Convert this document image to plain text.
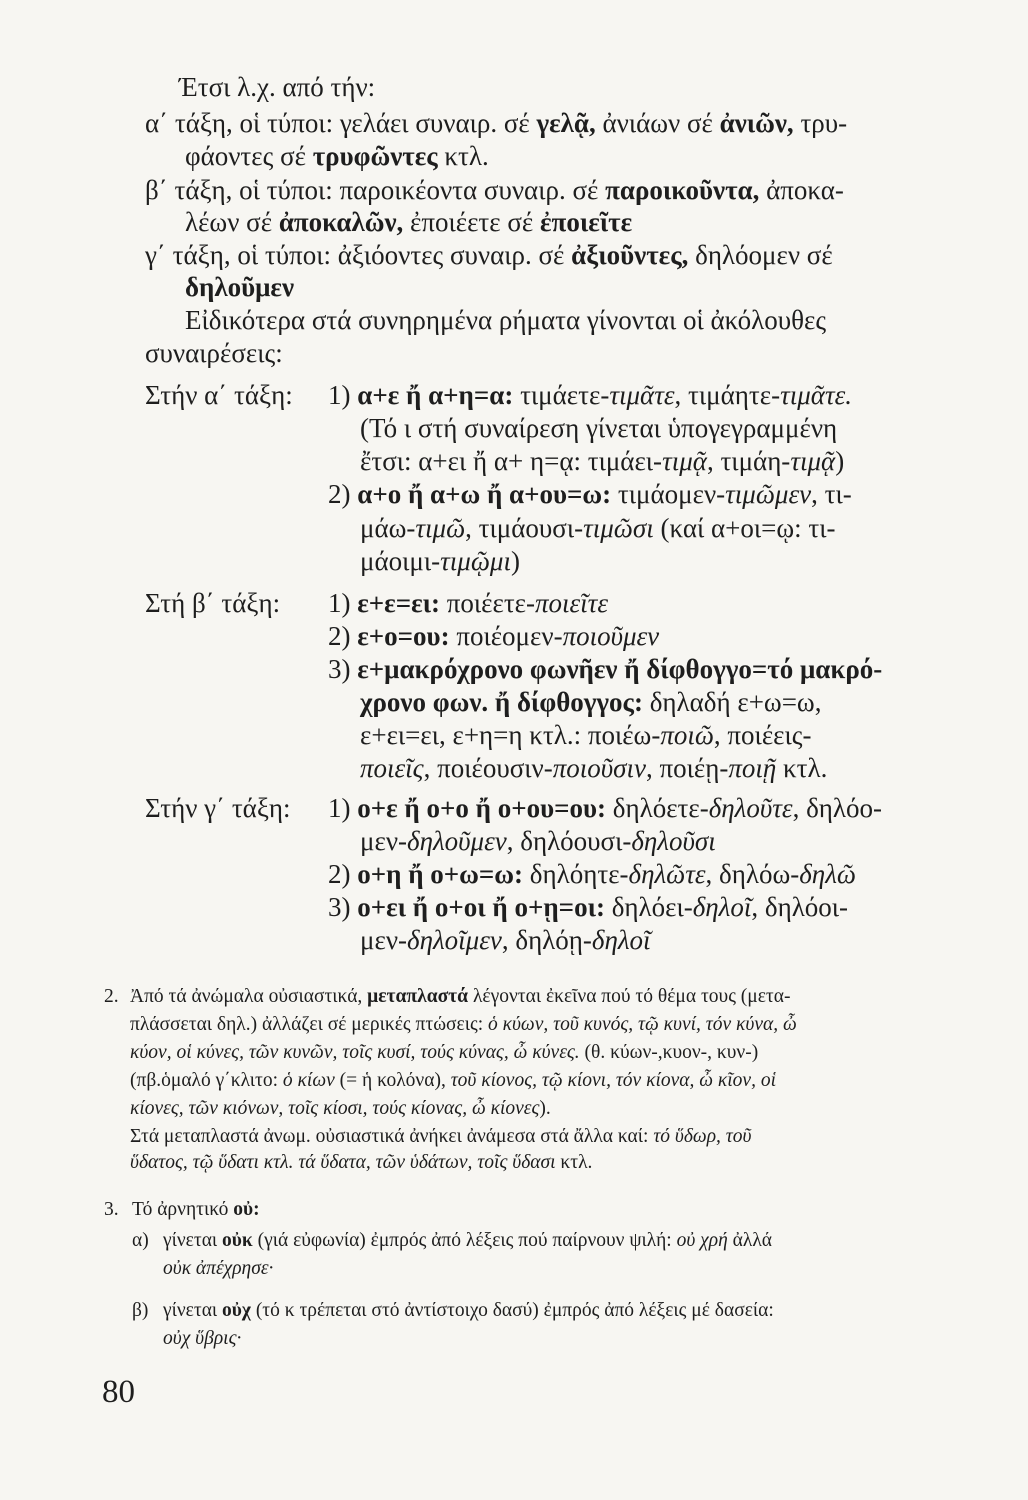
Έτσι λ.χ. από τήν:
α΄ τάξη, οἱ τύποι: γελάει συναιρ. σέ γελᾷ, ἀνιάων σέ ἀνιῶν, τρυ-
φάοντες σέ τρυφῶντες κτλ.
β΄ τάξη, οἱ τύποι: παροικέοντα συναιρ. σέ παροικοῦντα, ἀποκα-
λέων σέ ἀποκαλῶν, ἐποιέετε σέ ἐποιεῖτε
γ΄ τάξη, οἱ τύποι: ἀξιόοντες συναιρ. σέ ἀξιοῦντες, δηλόομεν σέ
δηλοῦμεν
Εἰδικότερα στά συνηρημένα ρήματα γίνονται οἱ ἀκόλουθες
συναιρέσεις:
Στήν α΄ τάξη: 1) α+ε ἤ α+η=α: τιμάετε-τιμᾶτε, τιμάητε-τιμᾶτε.
(Τό ι στή συναίρεση γίνεται ὑπογεγραμμένη
ἔτσι: α+ει ἤ α+ η=ᾳ: τιμάει-τιμᾷ, τιμάη-τιμᾷ)
2) α+ο ἤ α+ω ἤ α+ου=ω: τιμάομεν-τιμῶμεν, τι-
μάω-τιμῶ, τιμάουσι-τιμῶσι (καί α+οι=ῳ: τι-
μάοιμι-τιμῷμι)
Στή β΄ τάξη: 1) ε+ε=ει: ποιέετε-ποιεῖτε
2) ε+ο=ου: ποιέομεν-ποιοῦμεν
3) ε+μακρόχρονο φωνῆεν ἤ δίφθογγο=τό μακρό-
χρονο φων. ἤ δίφθογγος: δηλαδή ε+ω=ω,
ε+ει=ει, ε+η=η κτλ.: ποιέω-ποιῶ, ποιέεις-
ποιεῖς, ποιέουσιν-ποιοῦσιν, ποιέῃ-ποιῇ κτλ.
Στήν γ΄ τάξη: 1) ο+ε ἤ ο+ο ἤ ο+ου=ου: δηλόετε-δηλοῦτε, δηλόο-
μεν-δηλοῦμεν, δηλόουσι-δηλοῦσι
2) ο+η ἤ ο+ω=ω: δηλόητε-δηλῶτε, δηλόω-δηλῶ
3) ο+ει ἤ ο+οι ἤ ο+ῃ=οι: δηλόει-δηλοῖ, δηλόοι-
μεν-δηλοῖμεν, δηλόῃ-δηλοῖ
2. Ἀπό τά ἀνώμαλα οὐσιαστικά, μεταπλαστά λέγονται ἐκεῖνα πού τό θέμα τους (μετα-
πλάσσεται δηλ.) ἀλλάζει σέ μερικές πτώσεις: ὁ κύων, τοῦ κυνός, τῷ κυνί, τόν κύνα, ὦ
κύον, οἱ κύνες, τῶν κυνῶν, τοῖς κυσί, τούς κύνας, ὦ κύνες. (θ. κύων-,κυον-, κυν-)
(πβ.ὁμαλό γ΄κλιτο: ὁ κίων (= ἡ κολόνα), τοῦ κίονος, τῷ κίονι, τόν κίονα, ὦ κῖον, οἱ
κίονες, τῶν κιόνων, τοῖς κίοσι, τούς κίονας, ὦ κίονες).
Στά μεταπλαστά ἀνωμ. οὐσιαστικά ἀνήκει ἀνάμεσα στά ἄλλα καί: τό ὕδωρ, τοῦ
ὕδατος, τῷ ὕδατι κτλ. τά ὕδατα, τῶν ὑδάτων, τοῖς ὕδασι κτλ.
3. Τό ἀρνητικό οὐ:
α) γίνεται οὐκ (γιά εὐφωνία) ἐμπρός ἀπό λέξεις πού παίρνουν ψιλή: οὐ χρή ἀλλά
οὐκ ἀπέχρησε·
β) γίνεται οὐχ (τό κ τρέπεται στό ἀντίστοιχο δασύ) ἐμπρός ἀπό λέξεις μέ δασεία:
οὐχ ὕβρις·
80
